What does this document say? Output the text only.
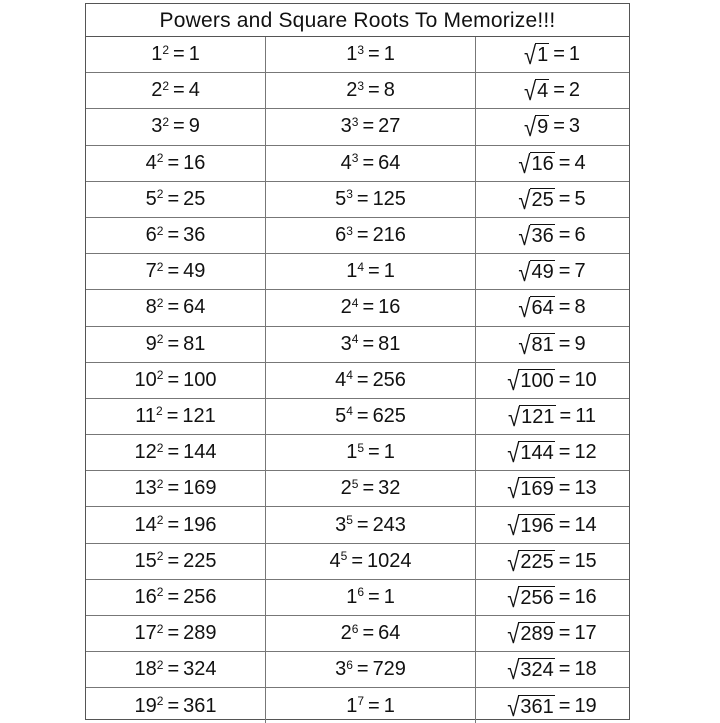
Powers and Square Roots To Memorize!!!
$1^2 = 1$	$1^3 = 1$	√ 1 = 1
$2^2 = 4$	$2^3 = 8$	√ 4 = 2
$3^2 = 9$	$3^3 = 27$	√ 9 = 3
$4^2 = 16$	$4^3 = 64$	√ 16 = 4
$5^2 = 25$	$5^3 = 125$	√ 25 = 5
$6^2 = 36$	$6^3 = 216$	√ 36 = 6
$7^2 = 49$	$1^4 = 1$	√ 49 = 7
$8^2 = 64$	$2^4 = 16$	√ 64 = 8
$9^2 = 81$	$3^4 = 81$	√ 81 = 9
$10^2 = 100$	$4^4 = 256$	√ 100 = 10
$11^2 = 121$	$5^4 = 625$	√ 121 = 11
$12^2 = 144$	$1^5 = 1$	√ 144 = 12
$13^2 = 169$	$2^5 = 32$	√ 169 = 13
$14^2 = 196$	$3^5 = 243$	√ 196 = 14
$15^2 = 225$	$4^5 = 1024$	√ 225 = 15
$16^2 = 256$	$1^6 = 1$	√ 256 = 16
$17^2 = 289$	$2^6 = 64$	√ 289 = 17
$18^2 = 324$	$3^6 = 729$	√ 324 = 18
$19^2 = 361$	$1^7 = 1$	√ 361 = 19
